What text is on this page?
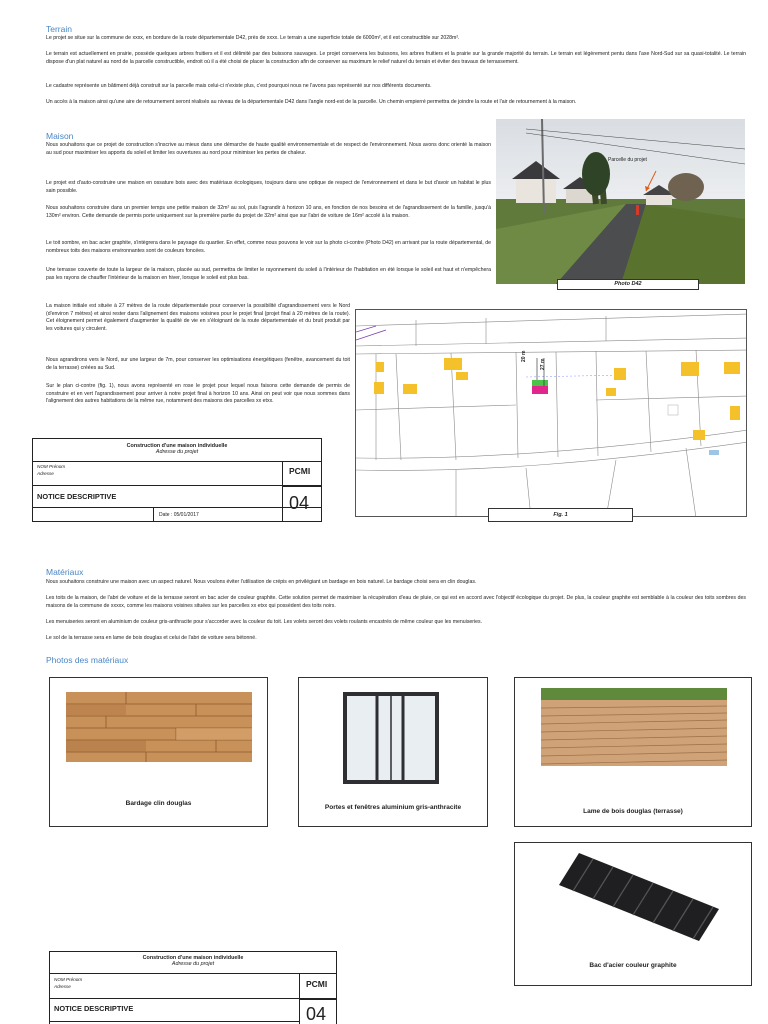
Terrain
Le projet se situe sur la commune de xxxx, en bordure de la route départementale D42, près de xxxx. Le terrain a une superficie totale de 6000m², et il est constructible sur 2028m².
Le terrain est actuellement en prairie, possède quelques arbres fruitiers et il est délimité par des buissons sauvages. Le projet conservera les buissons, les arbres fruitiers et la prairie sur la grande majorité du terrain. Le terrain est légèrement pentu dans l'axe Nord-Sud sur sa quasi-totalité. Le terrain dispose d'un plat naturel au nord de la parcelle constructible, endroit où il a été choisi de placer la construction afin de conserver au maximum le relief naturel du terrain et éviter des travaux de terrassement.
Le cadastre représente un bâtiment déjà construit sur la parcelle mais celui-ci n'existe plus, c'est pourquoi nous ne l'avons pas représenté sur nos différents documents.
Un accès à la maison ainsi qu'une aire de retournement seront réalisés au niveau de la départementale D42 dans l'angle nord-est de la parcelle. Un chemin empierré permettra de joindre la route et l'air de retournement à la maison.
Maison
Nous souhaitons que ce projet de construction s'inscrive au mieux dans une démarche de haute qualité environnementale et de respect de l'environnement. Nous avons donc orienté la maison au sud pour maximiser les apports du soleil et limiter les ouvertures au nord pour minimiser les pertes de chaleur.
Le projet est d'auto-construire une maison en ossature bois avec des matériaux écologiques, toujours dans une optique de respect de l'environnement et dans le but d'avoir un habitat le plus sain possible.
Nous souhaitons construire dans un premier temps une petite maison de 32m² au sol, puis l'agrandir à horizon 10 ans, en fonction de nos besoins et de l'agrandissement de la famille, jusqu'à 130m² environ. Cette demande de permis porte uniquement sur la première partie du projet de 32m² ainsi que sur l'abri de voiture de 16m² accolé à la maison.
Le toit sombre, en bac acier graphite, s'intègrera dans le paysage du quartier. En effet, comme nous pouvons le voir sur la photo ci-contre (Photo D42) en arrivant par la route départemental, de nombreux toits des maisons environnantes sont de couleurs foncées.
Une terrasse couverte de toute la largeur de la maison, placée au sud, permettra de limiter le rayonnement du soleil à l'intérieur de l'habitation en été lorsque le soleil est haut et n'empêchera pas les rayons de chauffer l'intérieur de la maison en hiver, lorsque le soleil est plus bas.
La maison initiale est située à 27 mètres de la route départementale pour conserver la possibilité d'agrandissement vers le Nord (d'environ 7 mètres) et ainsi rester dans l'alignement des maisons voisines pour le projet final (projet final à 20 mètres de la route). Cet éloignement permet également d'augmenter la qualité de vie en s'éloignant de la route départementale et du bruit produit par les voitures qui y circulent.
Nous agrandirons vers le Nord, sur une largeur de 7m, pour conserver les optimisations énergétiques (fenêtre, avancement du toit de la terrasse) créées au Sud.
Sur le plan ci-contre (fig. 1), nous avons représenté en rose le projet pour lequel nous faisons cette demande de permis de construire et en vert l'agrandissement pour arriver à notre projet final à horizon 10 ans. Ainsi on peut voir que nous sommes dans l'alignement des autres habitations de la même rue, notamment des maisons des parcelles xx etxx.
Parcelle du projet
Photo D42
20 m
27 m
Fig. 1
Construction d'une maison individuelle
Adresse du projet
NOM Prénom
Adresse
NOTICE DESCRIPTIVE
Date : 05/01/2017
PCMI
04
Matériaux
Nous souhaitons construire une maison avec un aspect naturel. Nous voulons éviter l'utilisation de crépis en privilégiant un bardage en bois naturel. Le bardage choisi sera en clin douglas.
Les toits de la maison, de l'abri de voiture et de la terrasse seront en bac acier de couleur graphite. Cette solution permet de maximiser la récupération d'eau de pluie, ce qui est en accord avec l'objectif écologique du projet. De plus, la couleur graphite est semblable à la couleur des toits sombres des maisons de la commune de xxxxx, comme les maisons voisines situées sur les parcelles xx etxx qui possèdent des toits noirs.
Les menuiseries seront en aluminium de couleur gris-anthracite pour s'accorder avec la couleur du toit. Les volets seront des volets roulants encastrés de même couleur que les menuiseries.
Le sol de la terrasse sera en lame de bois douglas et celui de l'abri de voiture sera bétonné.
Photos des matériaux
Bardage clin douglas
Portes et fenêtres aluminium gris-anthracite
Lame de bois douglas (terrasse)
Bac d'acier couleur graphite
Construction d'une maison individuelle
Adresse du projet
NOM Prénom
Adresse
NOTICE DESCRIPTIVE
PCMI
04
